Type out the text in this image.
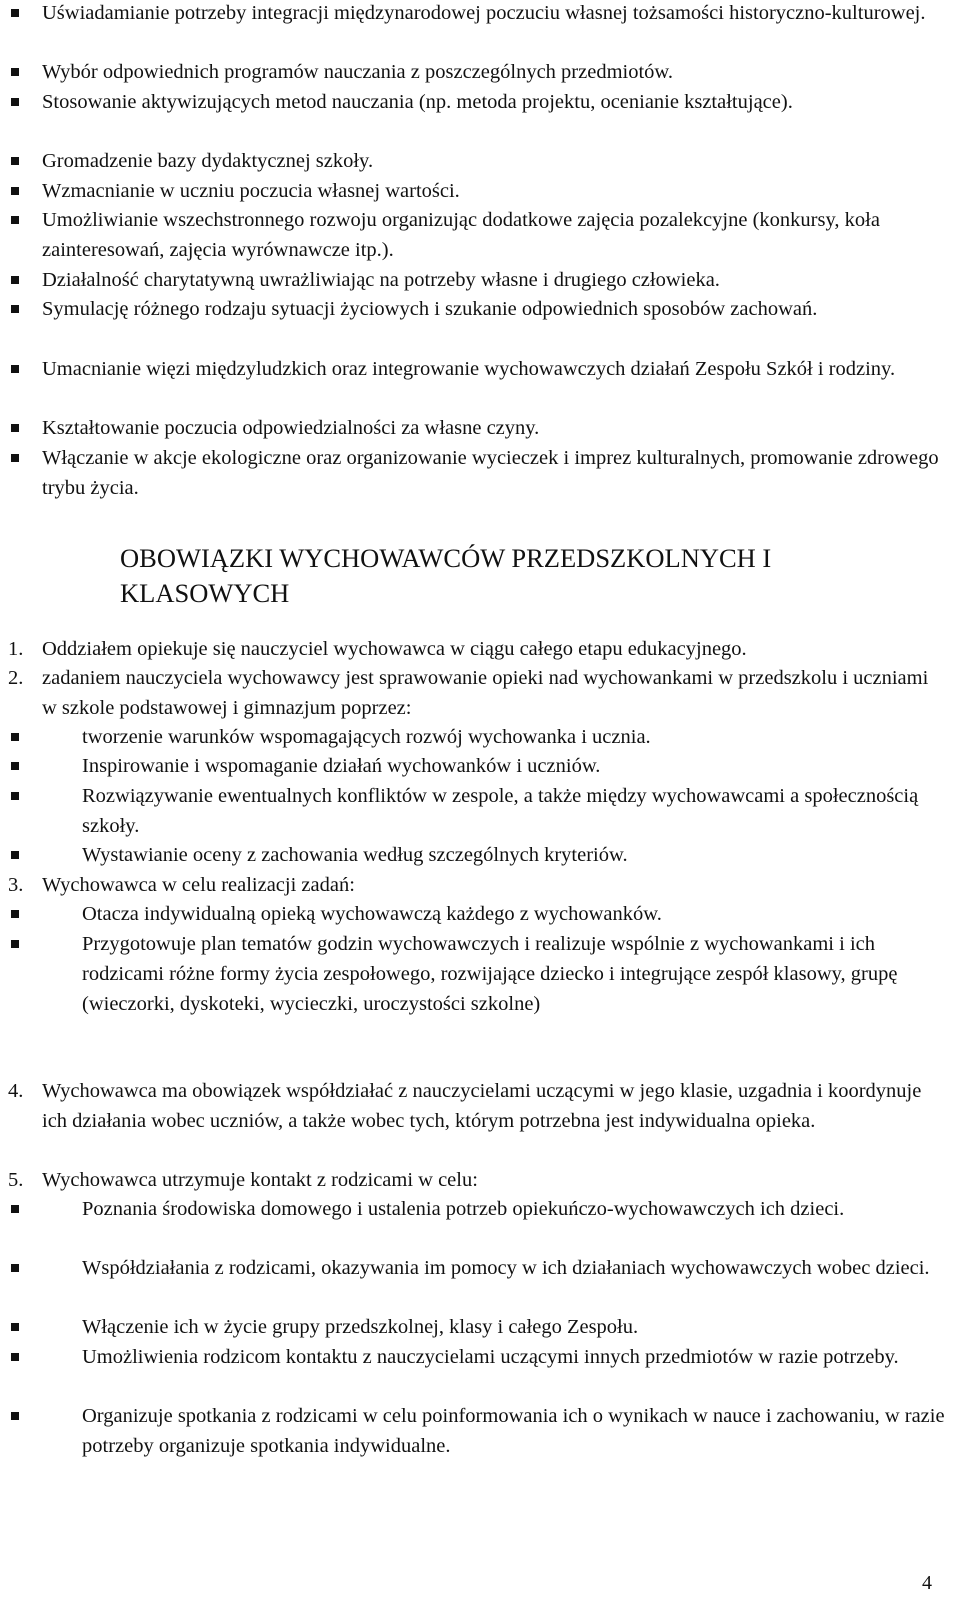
Uświadamianie potrzeby integracji międzynarodowej poczuciu własnej tożsamości historyczno-kulturowej.
Wybór odpowiednich programów nauczania z poszczególnych przedmiotów.
Stosowanie aktywizujących metod nauczania (np. metoda projektu, ocenianie kształtujące).
Gromadzenie bazy dydaktycznej szkoły.
Wzmacnianie w uczniu poczucia własnej wartości.
Umożliwianie wszechstronnego rozwoju organizując dodatkowe zajęcia pozalekcyjne (konkursy, koła zainteresowań, zajęcia wyrównawcze itp.).
Działalność charytatywną uwrażliwiając na potrzeby własne i drugiego człowieka.
Symulację różnego rodzaju sytuacji życiowych i szukanie odpowiednich sposobów zachowań.
Umacnianie więzi międzyludzkich oraz integrowanie wychowawczych działań Zespołu Szkół i rodziny.
Kształtowanie poczucia odpowiedzialności za własne czyny.
Włączanie w akcje ekologiczne oraz organizowanie wycieczek i imprez kulturalnych, promowanie zdrowego trybu życia.
OBOWIĄZKI WYCHOWAWCÓW PRZEDSZKOLNYCH I KLASOWYCH
1. Oddziałem opiekuje się nauczyciel wychowawca w ciągu całego etapu edukacyjnego.
2. zadaniem nauczyciela wychowawcy jest sprawowanie opieki nad wychowankami w przedszkolu i uczniami w szkole podstawowej i gimnazjum poprzez:
tworzenie warunków wspomagających rozwój wychowanka i ucznia.
Inspirowanie i wspomaganie działań wychowanków i uczniów.
Rozwiązywanie ewentualnych konfliktów w zespole, a także między wychowawcami a społecznością szkoły.
Wystawianie oceny z zachowania według szczególnych kryteriów.
3. Wychowawca w celu realizacji zadań:
Otacza indywidualną opieką wychowawczą każdego z wychowanków.
Przygotowuje plan tematów godzin wychowawczych i realizuje wspólnie z wychowankami i ich rodzicami różne formy życia zespołowego, rozwijające dziecko i integrujące zespół klasowy, grupę (wieczorki, dyskoteki, wycieczki, uroczystości szkolne)
4. Wychowawca ma obowiązek współdziałać z nauczycielami uczącymi w jego klasie, uzgadnia i koordynuje ich działania wobec uczniów, a także wobec tych, którym potrzebna jest indywidualna opieka.
5. Wychowawca utrzymuje kontakt z rodzicami w celu:
Poznania środowiska domowego i ustalenia potrzeb opiekuńczo-wychowawczych ich dzieci.
Współdziałania z rodzicami, okazywania im pomocy w ich działaniach wychowawczych wobec dzieci.
Włączenie ich w życie grupy przedszkolnej, klasy i całego Zespołu.
Umożliwienia rodzicom kontaktu z nauczycielami uczącymi innych przedmiotów w razie potrzeby.
Organizuje spotkania z rodzicami w celu poinformowania ich o wynikach w nauce i zachowaniu, w razie potrzeby organizuje spotkania indywidualne.
4
